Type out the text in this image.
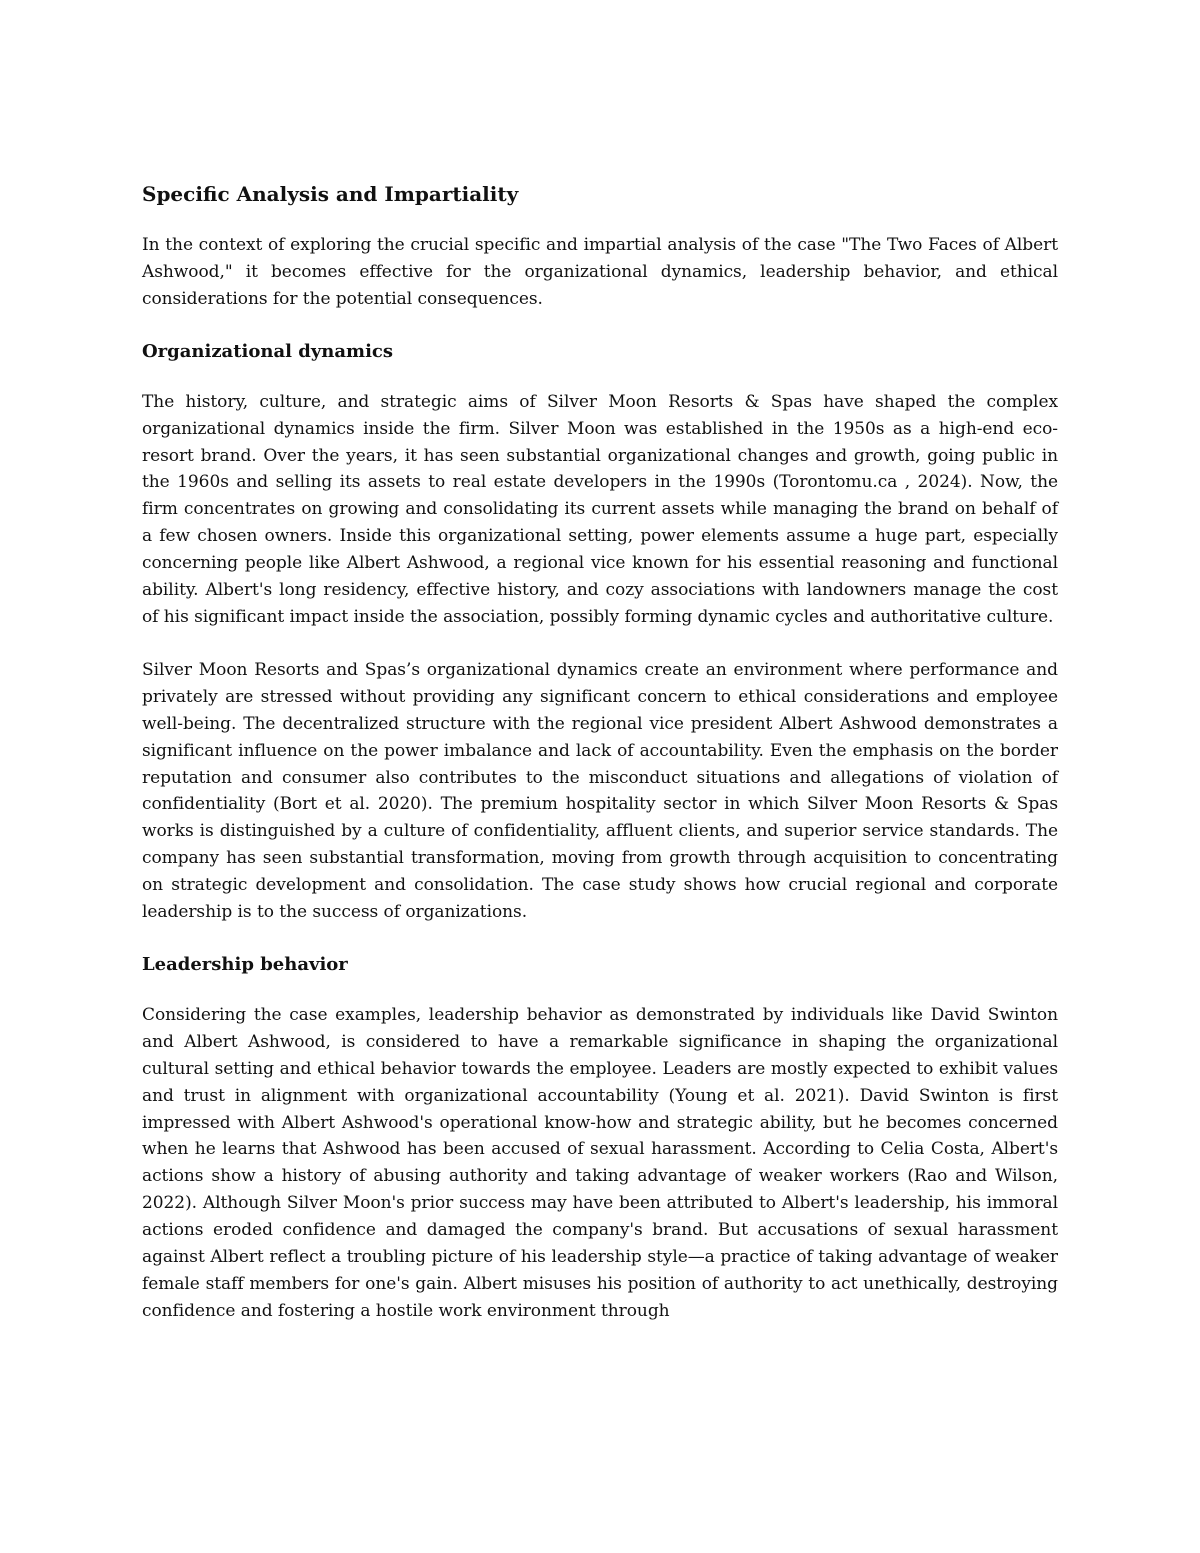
Specific Analysis and Impartiality

In the context of exploring the crucial specific and impartial analysis of the case "The Two Faces of Albert Ashwood," it becomes effective for the organizational dynamics, leadership behavior, and ethical considerations for the potential consequences.

Organizational dynamics

The history, culture, and strategic aims of Silver Moon Resorts & Spas have shaped the complex organizational dynamics inside the firm. Silver Moon was established in the 1950s as a high-end eco-resort brand. Over the years, it has seen substantial organizational changes and growth, going public in the 1960s and selling its assets to real estate developers in the 1990s (Torontomu.ca , 2024). Now, the firm concentrates on growing and consolidating its current assets while managing the brand on behalf of a few chosen owners. Inside this organizational setting, power elements assume a huge part, especially concerning people like Albert Ashwood, a regional vice known for his essential reasoning and functional ability. Albert's long residency, effective history, and cozy associations with landowners manage the cost of his significant impact inside the association, possibly forming dynamic cycles and authoritative culture.

Silver Moon Resorts and Spas’s organizational dynamics create an environment where performance and privately are stressed without providing any significant concern to ethical considerations and employee well-being. The decentralized structure with the regional vice president Albert Ashwood demonstrates a significant influence on the power imbalance and lack of accountability. Even the emphasis on the border reputation and consumer also contributes to the misconduct situations and allegations of violation of confidentiality (Bort et al. 2020). The premium hospitality sector in which Silver Moon Resorts & Spas works is distinguished by a culture of confidentiality, affluent clients, and superior service standards. The company has seen substantial transformation, moving from growth through acquisition to concentrating on strategic development and consolidation. The case study shows how crucial regional and corporate leadership is to the success of organizations.

Leadership behavior

Considering the case examples, leadership behavior as demonstrated by individuals like David Swinton and Albert Ashwood, is considered to have a remarkable significance in shaping the organizational cultural setting and ethical behavior towards the employee. Leaders are mostly expected to exhibit values and trust in alignment with organizational accountability (Young et al. 2021). David Swinton is first impressed with Albert Ashwood's operational know-how and strategic ability, but he becomes concerned when he learns that Ashwood has been accused of sexual harassment. According to Celia Costa, Albert's actions show a history of abusing authority and taking advantage of weaker workers (Rao and Wilson, 2022). Although Silver Moon's prior success may have been attributed to Albert's leadership, his immoral actions eroded confidence and damaged the company's brand. But accusations of sexual harassment against Albert reflect a troubling picture of his leadership style—a practice of taking advantage of weaker female staff members for one's gain. Albert misuses his position of authority to act unethically, destroying confidence and fostering a hostile work environment through
